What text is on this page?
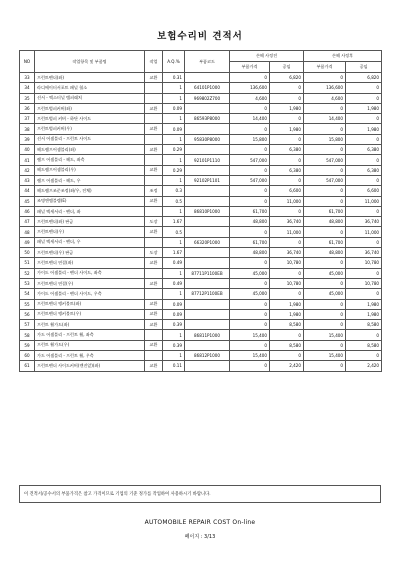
보험수리비 견적서
NO	작업항목 및 부품명	작업	A.Q.%	부품코드	손해 사정전		손해 사정후	
					부품가격	공임	부품가격	공임
33	프런트펜더(좌)	교환	0.31		0	6,820	0	6,820
34	라디에이터서포트 패널 협소		1	64101P1000	136,600	0	136,600	0
35	선서 - 엑스터널 템퍼래처		1	969802Z700	4,600	0	4,600	0
36	프런트범퍼커버(좌)	교환	0.09		0	1,980	0	1,980
37	프런트범퍼 커버 - 하단 사이드		1	86593P8000	14,400	0	14,400	0
38	프런트범퍼커버(우)	교환	0.09		0	1,980	0	1,980
39	선서 어셈블리 - 프런트 사이드		1	95830P8000	15,800	0	15,800	0
40	헤드램프어셈블리(좌)	교환	0.29		0	6,380	0	6,380
41	램프 어셈블리 - 헤드, 좌측		1	92101P1110	547,000	0	547,000	0
42	헤드램프어셈블리(우)	교환	0.29		0	6,380	0	6,380
43	램프 어셈블리 - 헤드, 우		1	92102P1101	547,000	0	547,000	0
44	헤드램프조준조정(좌/우, 전체)	조정	0.3		0	6,600	0	6,600
45	조명앤엠블렘(E)	교환	0.5		0	11,000	0	11,000
46	패널 엑세서리 - 펜더, 좌		1	86810P1000	61,700	0	61,700	0
47	프런트펜더(좌) 판금	도장	1.67		48,800	36,740	48,800	36,740
48	프런트펜더(우)	교환	0.5		0	11,000	0	11,000
49	패널 엑세서리 - 펜더, 우		1	66320P1000	61,700	0	61,700	0
50	프런트펜더(우) 판금	도장	1.67		48,800	36,740	48,800	36,740
51	프런트펜더 연결(좌)	교환	0.49		0	10,780	0	10,780
52	가이드 어셈블리 - 펜더 사이드, 좌측		1	87711P1100EB	45,000	0	45,000	0
53	프런트펜더 연결(우)	교환	0.49		0	10,780	0	10,780
54	가이드 어셈블리 - 펜더 사이드, 우측		1	87712P1100EB	45,000	0	45,000	0
55	프런트펜더 앵커볼트(좌)	교환	0.09		0	1,980	0	1,980
56	프런트펜더 앵커볼트(우)	교환	0.09		0	1,980	0	1,980
57	프런트 휠가드(좌)	교환	0.39		0	8,580	0	8,580
58	가드 어셈블리 - 프런트 휠, 좌측		1	86811P1000	15,400	0	15,400	0
59	프런트 휠가드(우)	교환	0.39		0	8,580	0	8,580
60	가드 어셈블리 - 프런트 휠, 우측		1	86812P1000	15,400	0	15,400	0
61	프런트펜더 사이드커버(엔진앞)(좌)	교환	0.11		0	2,420	0	2,420
이 견적서/공수서의 부품가격은 참고 가격이므로 기업의 기준 정가를 작업하여 사용하시기 바랍니다.
AUTOMOBILE REPAIR COST On-line
페이지 : 3/13
